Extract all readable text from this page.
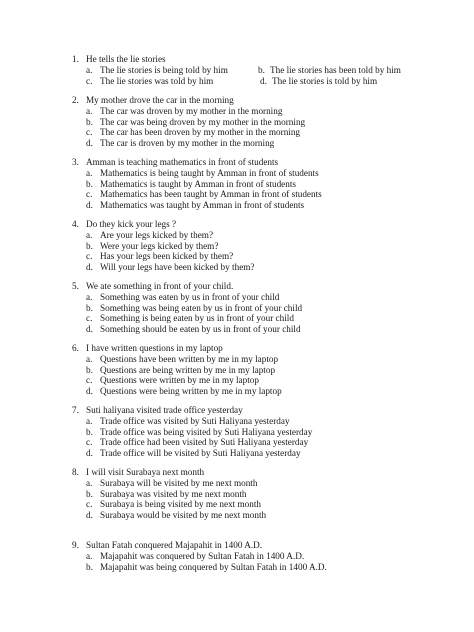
1. He tells the lie stories
a. The lie stories is being told by him	b. The lie stories has been told by him
c. The lie stories was told by him	d. The lie stories is told by him
2. My mother drove the car in the morning
a. The car was droven by my mother in the morning
b. The car was being droven by my mother in the morning
c. The car has been droven by my mother in the morning
d. The car is droven by my mother in the morning
3. Amman is teaching mathematics in front of students
a. Mathematics is being taught by Amman in front of students
b. Mathematics is taught by Amman in front of students
c. Mathematics has been taught by Amman in front of students
d. Mathematics was taught by Amman in front of students
4. Do they kick your legs ?
a. Are your legs kicked by them?
b. Were your legs kicked by them?
c. Has your legs been kicked by them?
d. Will your legs have been kicked by them?
5. We ate something in front of your child.
a. Something was eaten by us in front of your child
b. Something was being eaten by us in front of your child
c. Something is being eaten by us in front of your child
d. Something should be eaten by us in front of your child
6. I have written questions in my laptop
a. Questions have been written by me in my laptop
b. Questions are being written by me in my laptop
c. Questions were written by me in my laptop
d. Questions were being written by me in my laptop
7. Suti haliyana visited trade office yesterday
a. Trade office was visited by Suti Haliyana yesterday
b. Trade office was being visited by Suti Haliyana yesterday
c. Trade office had been visited by Suti Haliyana yesterday
d. Trade office will be visited by Suti Haliyana yesterday
8. I will visit Surabaya next month
a. Surabaya will be visited by me next month
b. Surabaya was visited by me next month
c. Surabaya is being visited by me next month
d. Surabaya would be visited by me next month
9. Sultan Fatah conquered Majapahit in 1400 A.D.
a. Majapahit was conquered by Sultan Fatah in 1400 A.D.
b. Majapahit was being conquered by Sultan Fatah in 1400 A.D.
